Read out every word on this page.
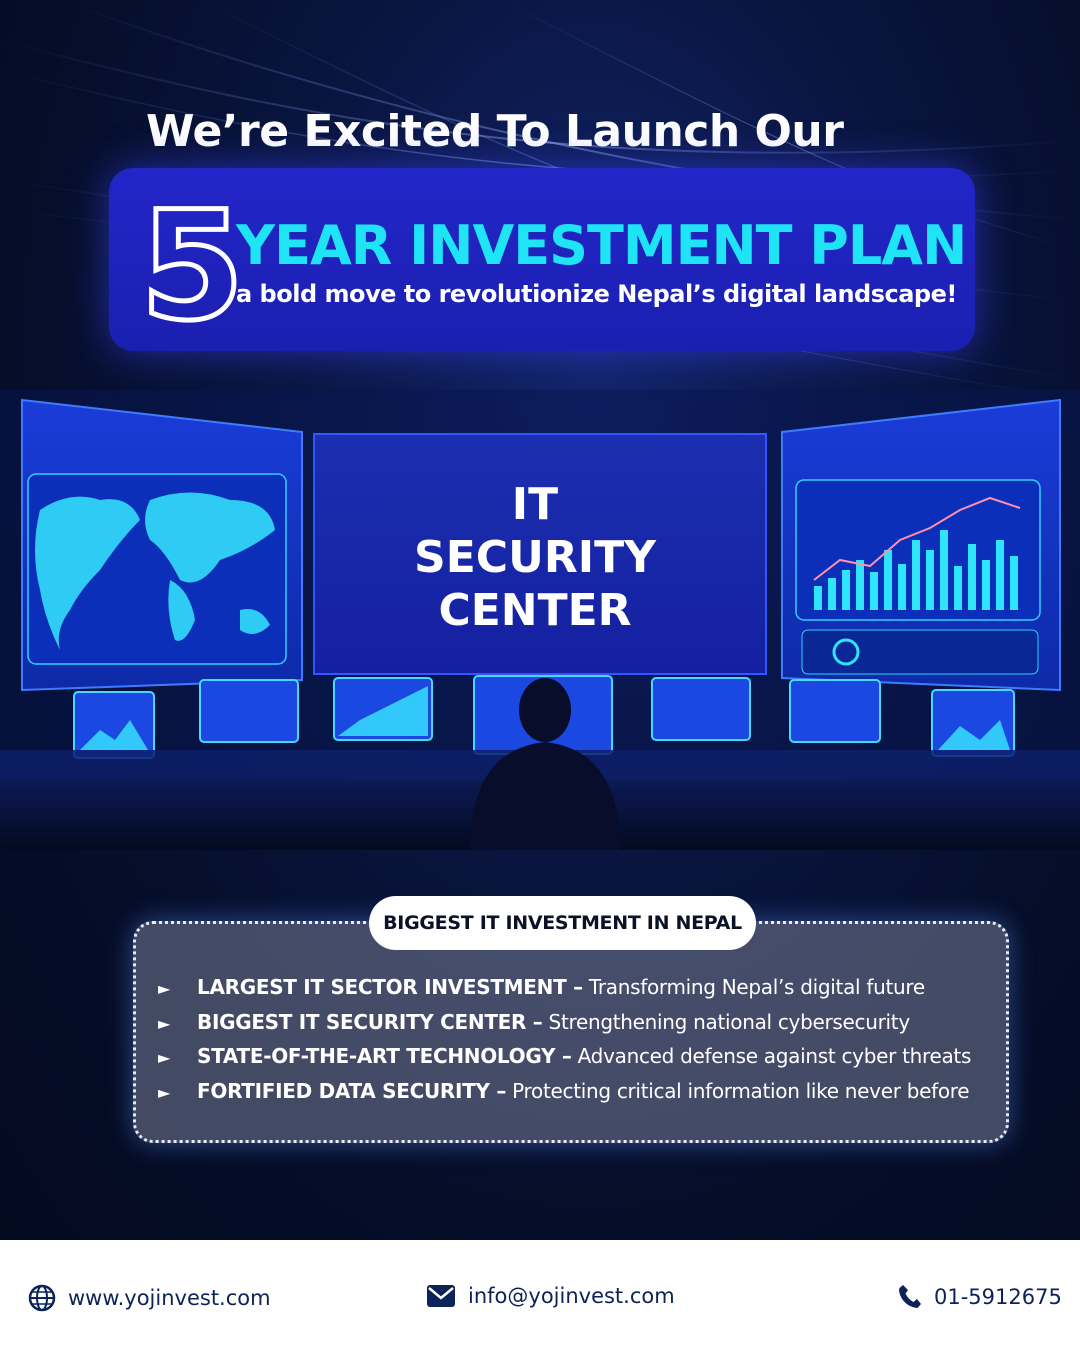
We’re Excited To Launch Our
5
YEAR INVESTMENT PLAN
a bold move to revolutionize Nepal’s digital landscape!
IT
SECURITY
CENTER
BIGGEST IT INVESTMENT IN NEPAL
► LARGEST IT SECTOR INVESTMENT – Transforming Nepal’s digital future
► BIGGEST IT SECURITY CENTER – Strengthening national cybersecurity
► STATE-OF-THE-ART TECHNOLOGY – Advanced defense against cyber threats
► FORTIFIED DATA SECURITY – Protecting critical information like never before
www.yojinvest.com	info@yojinvest.com	01-5912675
